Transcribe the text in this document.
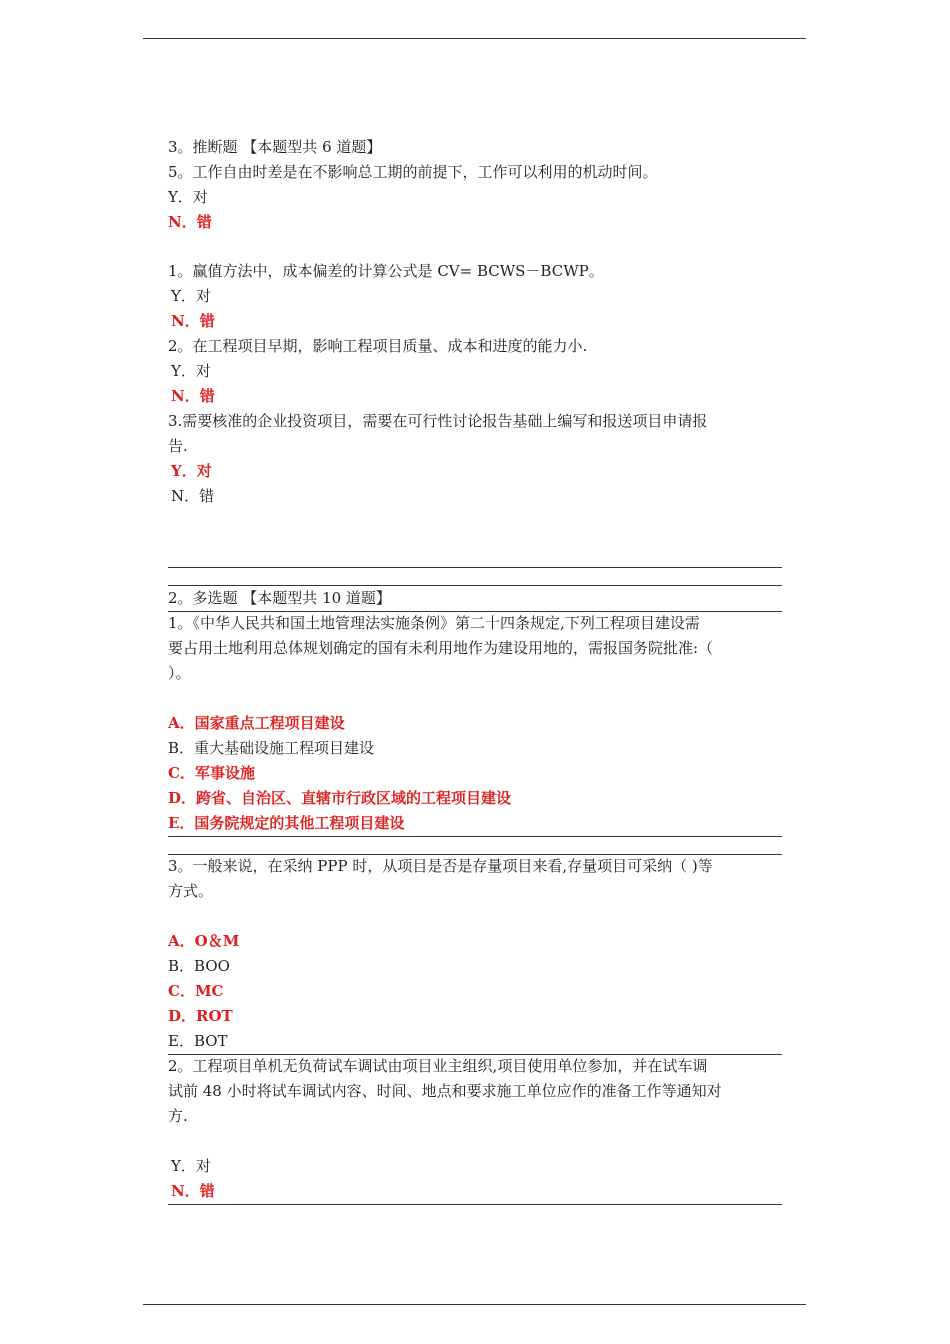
3。推断题 【本题型共 6 道题】
5。工作自由时差是在不影响总工期的前提下，工作可以利用的机动时间。
Y．对
N．错
1。赢值方法中，成本偏差的计算公式是 CV= BCWS－BCWP。
Y．对
N．错
2。在工程项目早期，影响工程项目质量、成本和进度的能力小.
Y．对
N．错
3.需要核准的企业投资项目，需要在可行性讨论报告基础上编写和报送项目申请报
告.
Y．对
N．错
2。多选题 【本题型共 10 道题】
1。《中华人民共和国土地管理法实施条例》第二十四条规定,下列工程项目建设需
要占用土地利用总体规划确定的国有未利用地作为建设用地的，需报国务院批准:（
）。
A．国家重点工程项目建设
B．重大基础设施工程项目建设
C．军事设施
D．跨省、自治区、直辖市行政区域的工程项目建设
E．国务院规定的其他工程项目建设
3。一般来说，在采纳 PPP 时，从项目是否是存量项目来看,存量项目可采纳（ )等
方式。
A．O＆M
B．BOO
C．MC
D．ROT
E．BOT
2。工程项目单机无负荷试车调试由项目业主组织,项目使用单位参加，并在试车调
试前 48 小时将试车调试内容、时间、地点和要求施工单位应作的准备工作等通知对
方.
Y．对
N．错
